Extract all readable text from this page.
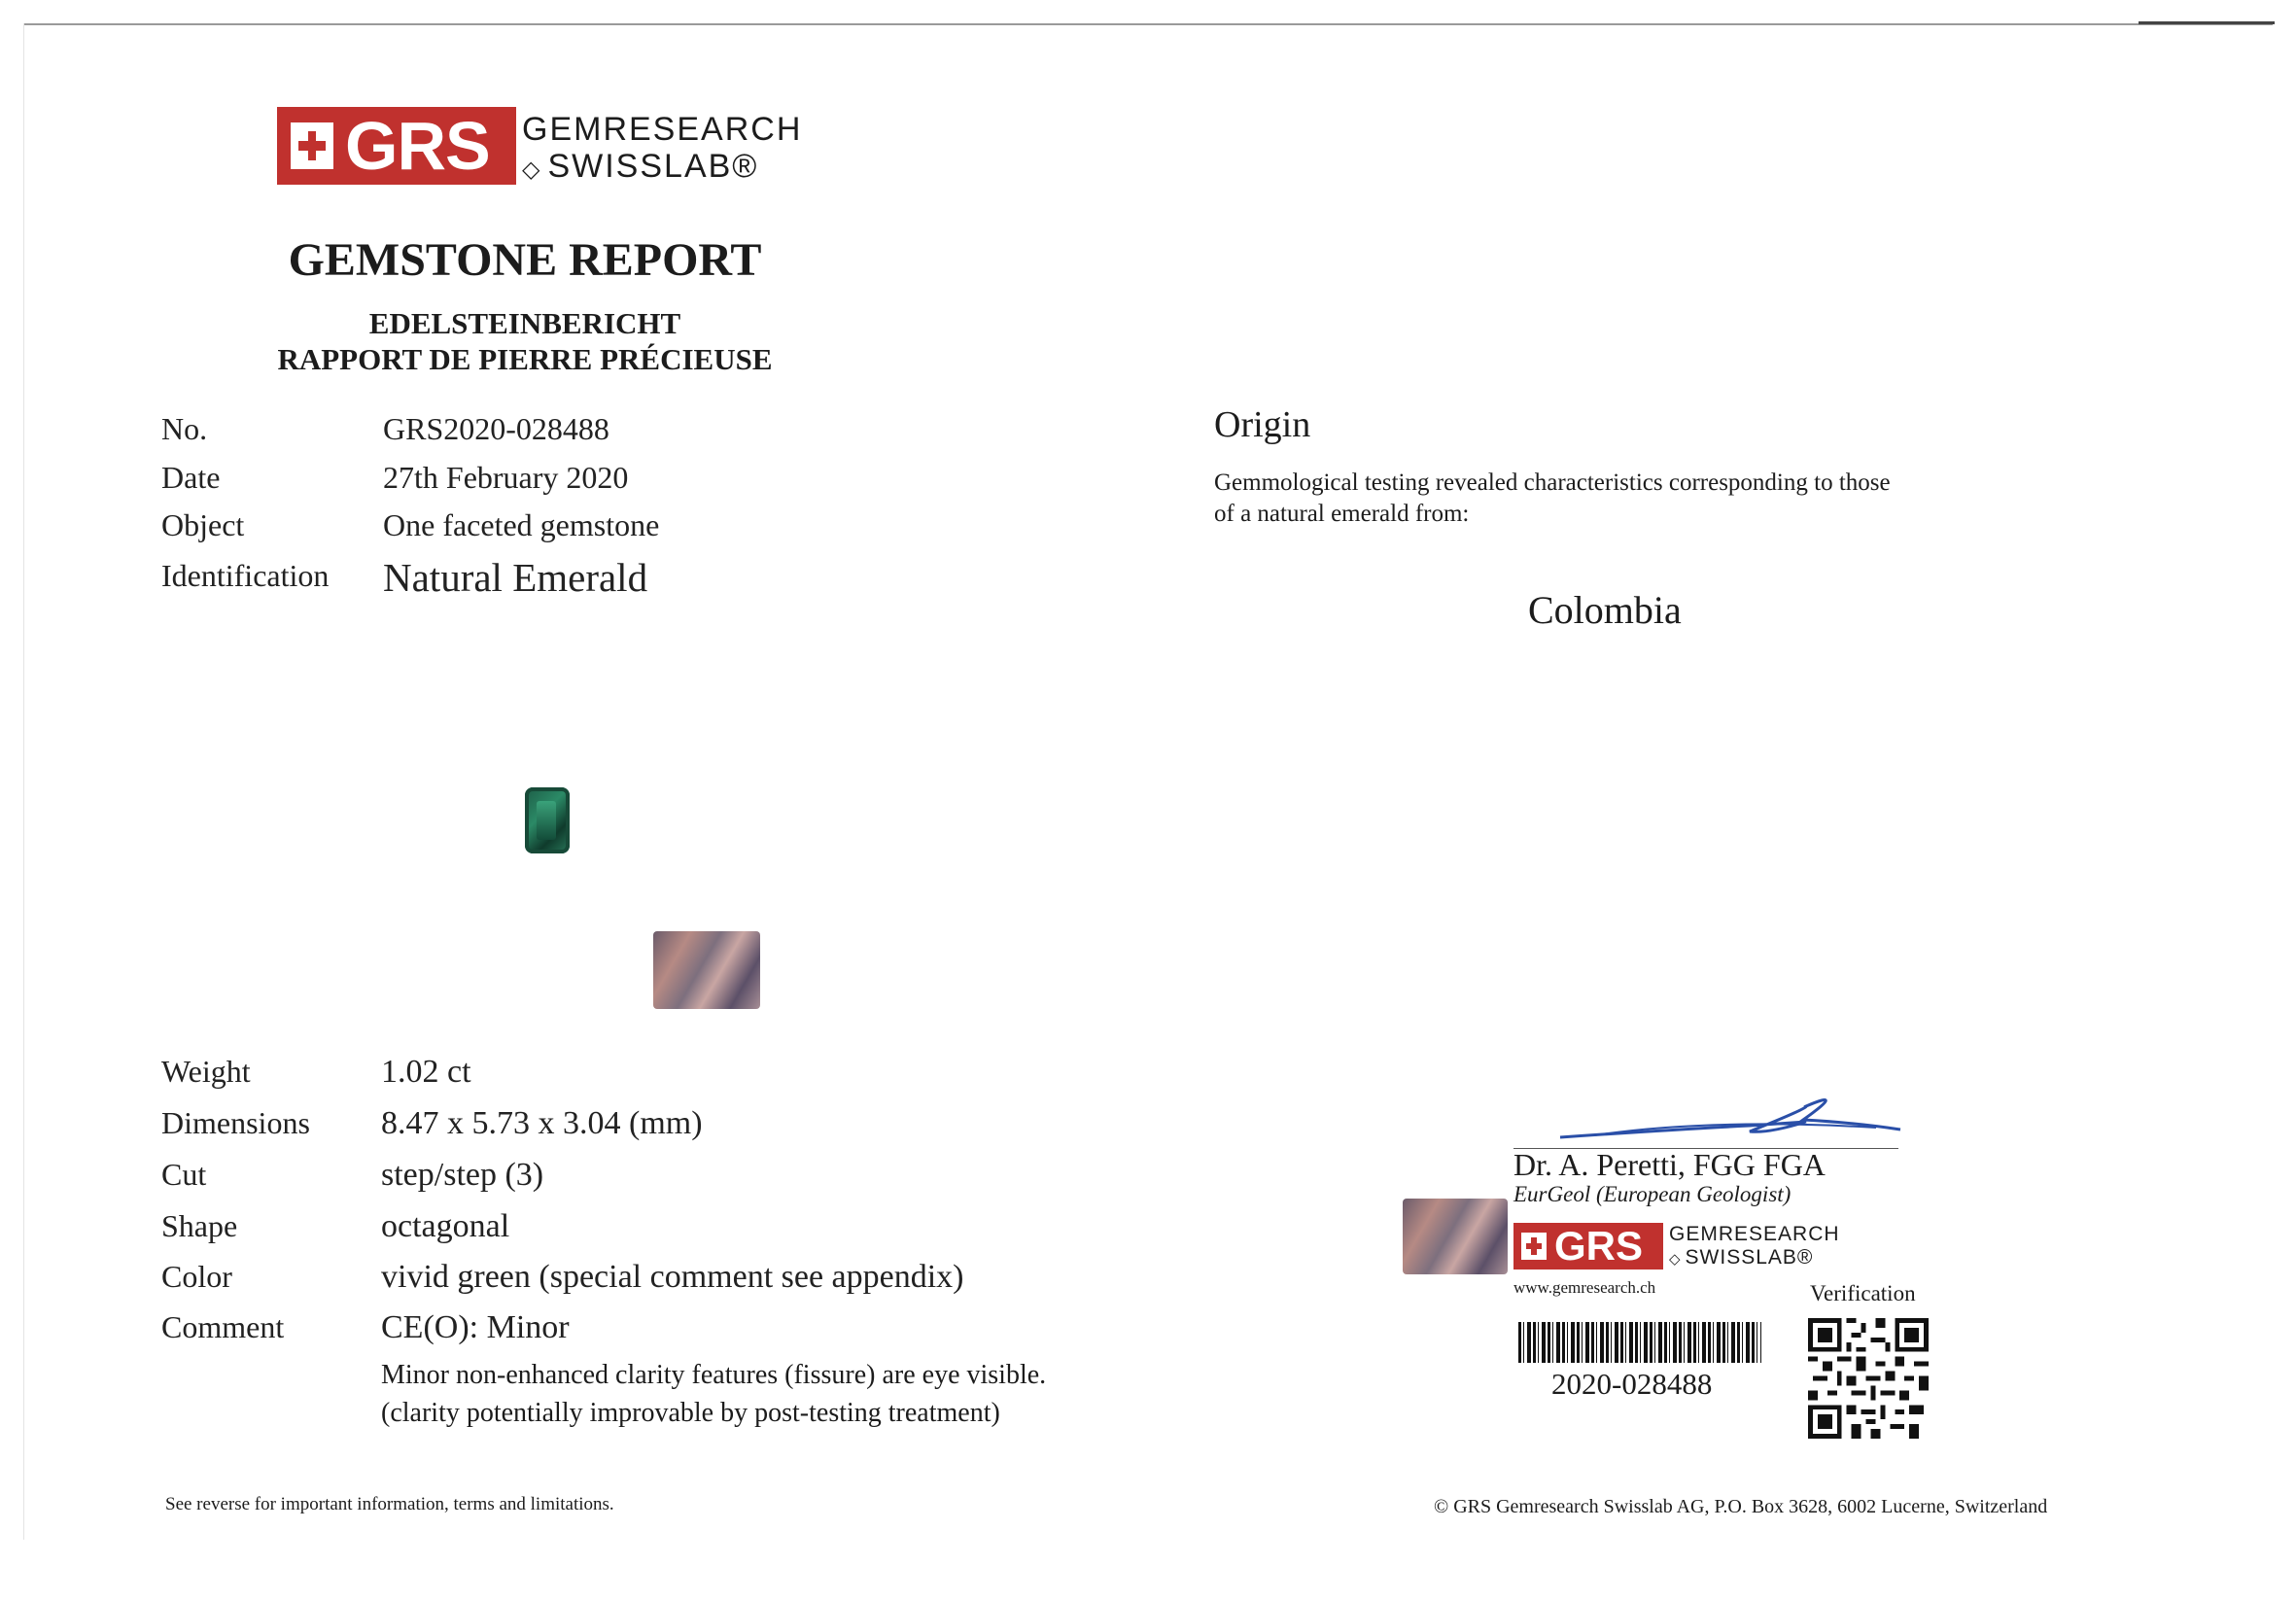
GRS GEMRESEARCH
◇ SWISSLAB®
GEMSTONE REPORT
EDELSTEINBERICHT
RAPPORT DE PIERRE PRÉCIEUSE
No.	GRS2020-028488
Date	27th February 2020
Object	One faceted gemstone
Identification Natural Emerald
Weight	1.02 ct
Dimensions 8.47 x 5.73 x 3.04 (mm)
Cut	step/step (3)
Shape	octagonal
Color	vivid green (special comment see appendix)
Comment	CE(O): Minor
Minor non-enhanced clarity features (fissure) are eye visible.
(clarity potentially improvable by post-testing treatment)
Origin
Gemmological testing revealed characteristics corresponding to those
of a natural emerald from:
Colombia
Dr. A. Peretti, FGG FGA
EurGeol (European Geologist)
GRS GEMRESEARCH
◇ SWISSLAB®
www.gemresearch.ch	Verification
2020-028488
See reverse for important information, terms and limitations.	© GRS Gemresearch Swisslab AG, P.O. Box 3628, 6002 Lucerne, Switzerland
